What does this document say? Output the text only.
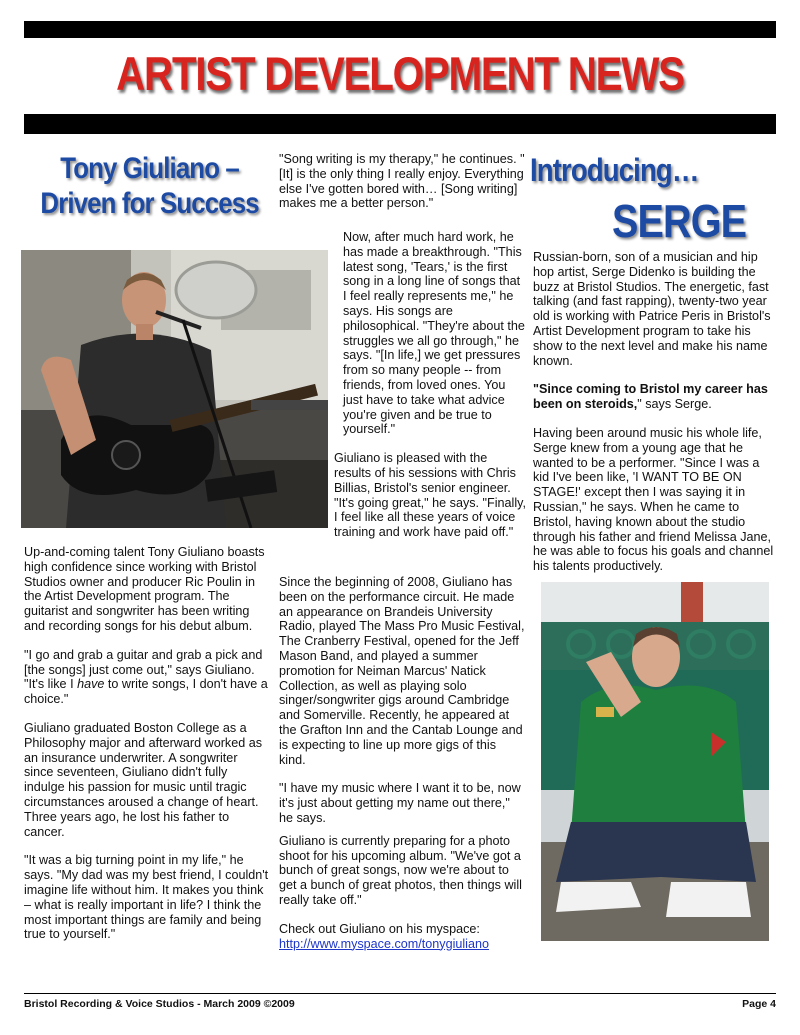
ARTIST DEVELOPMENT NEWS
Tony Giuliano –
Driven for Success

Up-and-coming talent Tony Giuliano boasts high confidence since working with Bristol Studios owner and producer Ric Poulin in the Artist Development program. The guitarist and songwriter has been writing and recording songs for his debut album.

"I go and grab a guitar and grab a pick and [the songs] just come out," says Giuliano. "It's like I have to write songs, I don't have a choice."

Giuliano graduated Boston College as a Philosophy major and afterward worked as an insurance underwriter. A songwriter since seventeen, Giuliano didn't fully indulge his passion for music until tragic circumstances aroused a change of heart. Three years ago, he lost his father to cancer.

"It was a big turning point in my life," he says. "My dad was my best friend, I couldn't imagine life without him. It makes you think – what is really important in life? I think the most important things are family and being true to yourself."

"Song writing is my therapy," he continues. "[It] is the only thing I really enjoy. Everything else I've gotten bored with… [Song writing] makes me a better person."

Now, after much hard work, he has made a breakthrough. "This latest song, 'Tears,' is the first song in a long line of songs that I feel really represents me," he says. His songs are philosophical. "They're about the struggles we all go through," he says. "[In life,] we get pressures from so many people -- from friends, from loved ones. You just have to take what advice you're given and be true to yourself."

Giuliano is pleased with the results of his sessions with Chris Billias, Bristol's senior engineer. "It's going great," he says. "Finally, I feel like all these years of voice training and work have paid off."

Since the beginning of 2008, Giuliano has been on the performance circuit. He made an appearance on Brandeis University Radio, played The Mass Pro Music Festival, The Cranberry Festival, opened for the Jeff Mason Band, and played a summer promotion for Neiman Marcus' Natick Collection, as well as playing solo singer/songwriter gigs around Cambridge and Somerville. Recently, he appeared at the Grafton Inn and the Cantab Lounge and is expecting to line up more gigs of this kind.

"I have my music where I want it to be, now it's just about getting my name out there," he says.

Giuliano is currently preparing for a photo shoot for his upcoming album. "We've got a bunch of great songs, now we're about to get a bunch of great photos, then things will really take off."

Check out Giuliano on his myspace:
http://www.myspace.com/tonygiuliano

Introducing…
SERGE

Russian-born, son of a musician and hip hop artist, Serge Didenko is building the buzz at Bristol Studios. The energetic, fast talking (and fast rapping), twenty-two year old is working with Patrice Peris in Bristol's Artist Development program to take his show to the next level and make his name known.

"Since coming to Bristol my career has been on steroids," says Serge.

Having been around music his whole life, Serge knew from a young age that he wanted to be a performer. "Since I was a kid I've been like, 'I WANT TO BE ON STAGE!' except then I was saying it in Russian," he says. When he came to Bristol, having known about the studio through his father and friend Melissa Jane, he was able to focus his goals and channel his talents productively.

Bristol Recording & Voice Studios - March 2009 ©2009	Page 4
